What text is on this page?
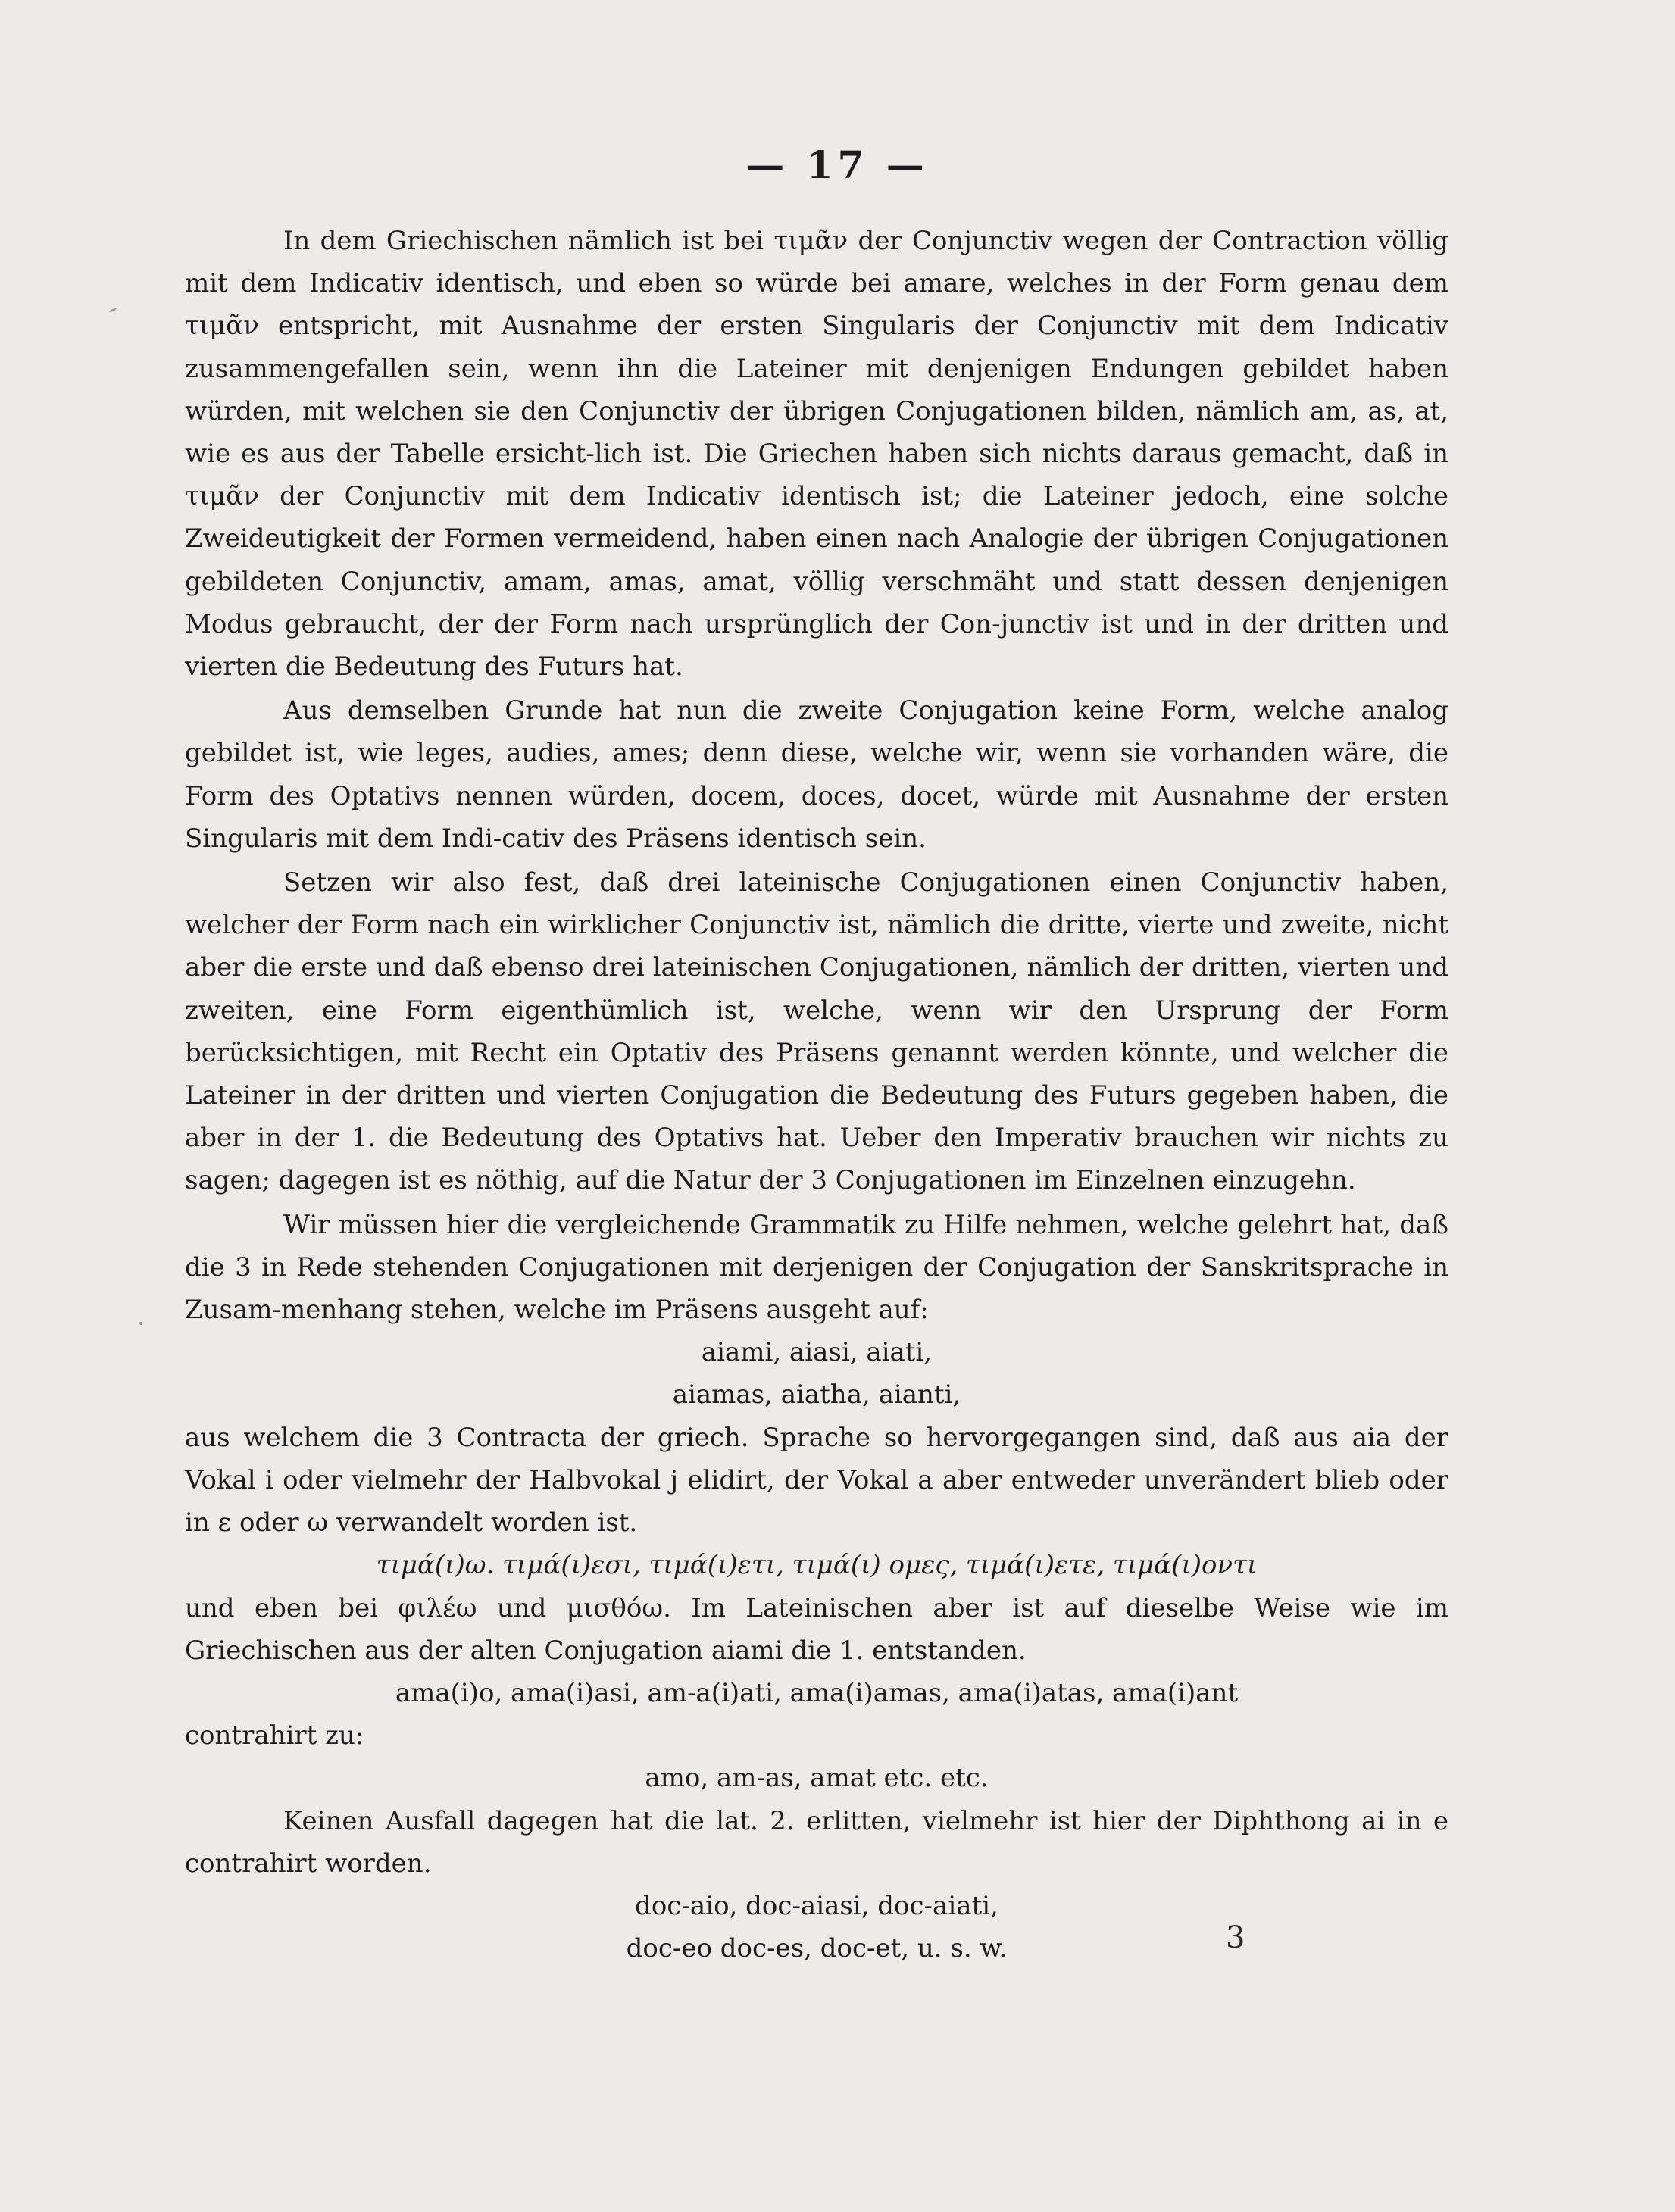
— 17 —

In dem Griechischen nämlich ist bei τιμᾶν der Conjunctiv wegen der Contraction völlig mit dem Indicativ identisch, und eben so würde bei amare, welches in der Form genau dem τιμᾶν entspricht, mit Ausnahme der ersten Singularis der Conjunctiv mit dem Indicativ zusammengefallen sein, wenn ihn die Lateiner mit denjenigen Endungen gebildet haben würden, mit welchen sie den Conjunctiv der übrigen Conjugationen bilden, nämlich am, as, at, wie es aus der Tabelle ersicht-lich ist. Die Griechen haben sich nichts daraus gemacht, daß in τιμᾶν der Conjunctiv mit dem Indicativ identisch ist; die Lateiner jedoch, eine solche Zweideutigkeit der Formen vermeidend, haben einen nach Analogie der übrigen Conjugationen gebildeten Conjunctiv, amam, amas, amat, völlig verschmäht und statt dessen denjenigen Modus gebraucht, der der Form nach ursprünglich der Con-junctiv ist und in der dritten und vierten die Bedeutung des Futurs hat.

Aus demselben Grunde hat nun die zweite Conjugation keine Form, welche analog gebildet ist, wie leges, audies, ames; denn diese, welche wir, wenn sie vorhanden wäre, die Form des Optativs nennen würden, docem, doces, docet, würde mit Ausnahme der ersten Singularis mit dem Indi-cativ des Präsens identisch sein.

Setzen wir also fest, daß drei lateinische Conjugationen einen Conjunctiv haben, welcher der Form nach ein wirklicher Conjunctiv ist, nämlich die dritte, vierte und zweite, nicht aber die erste und daß ebenso drei lateinischen Conjugationen, nämlich der dritten, vierten und zweiten, eine Form eigenthümlich ist, welche, wenn wir den Ursprung der Form berücksichtigen, mit Recht ein Optativ des Präsens genannt werden könnte, und welcher die Lateiner in der dritten und vierten Conjugation die Bedeutung des Futurs gegeben haben, die aber in der 1. die Bedeutung des Optativs hat. Ueber den Imperativ brauchen wir nichts zu sagen; dagegen ist es nöthig, auf die Natur der 3 Conjugationen im Einzelnen einzugehn.

Wir müssen hier die vergleichende Grammatik zu Hilfe nehmen, welche gelehrt hat, daß die 3 in Rede stehenden Conjugationen mit derjenigen der Conjugation der Sanskritsprache in Zusam-menhang stehen, welche im Präsens ausgeht auf:

aiami, aiasi, aiati,

aiamas, aiatha, aianti,

aus welchem die 3 Contracta der griech. Sprache so hervorgegangen sind, daß aus aia der Vokal i oder vielmehr der Halbvokal j elidirt, der Vokal a aber entweder unverändert blieb oder in ε oder ω verwandelt worden ist.

τιμά(ι)ω. τιμά(ι)εσι, τιμά(ι)ετι, τιμά(ι) ομες, τιμά(ι)ετε, τιμά(ι)οντι

und eben bei φιλέω und μισθόω. Im Lateinischen aber ist auf dieselbe Weise wie im Griechischen aus der alten Conjugation aiami die 1. entstanden.

ama(i)o, ama(i)asi, am-a(i)ati, ama(i)amas, ama(i)atas, ama(i)ant

contrahirt zu:

amo, am-as, amat etc. etc.

Keinen Ausfall dagegen hat die lat. 2. erlitten, vielmehr ist hier der Diphthong ai in e contrahirt worden.

doc-aio, doc-aiasi, doc-aiati,

doc-eo doc-es, doc-et, u. s. w.	3
